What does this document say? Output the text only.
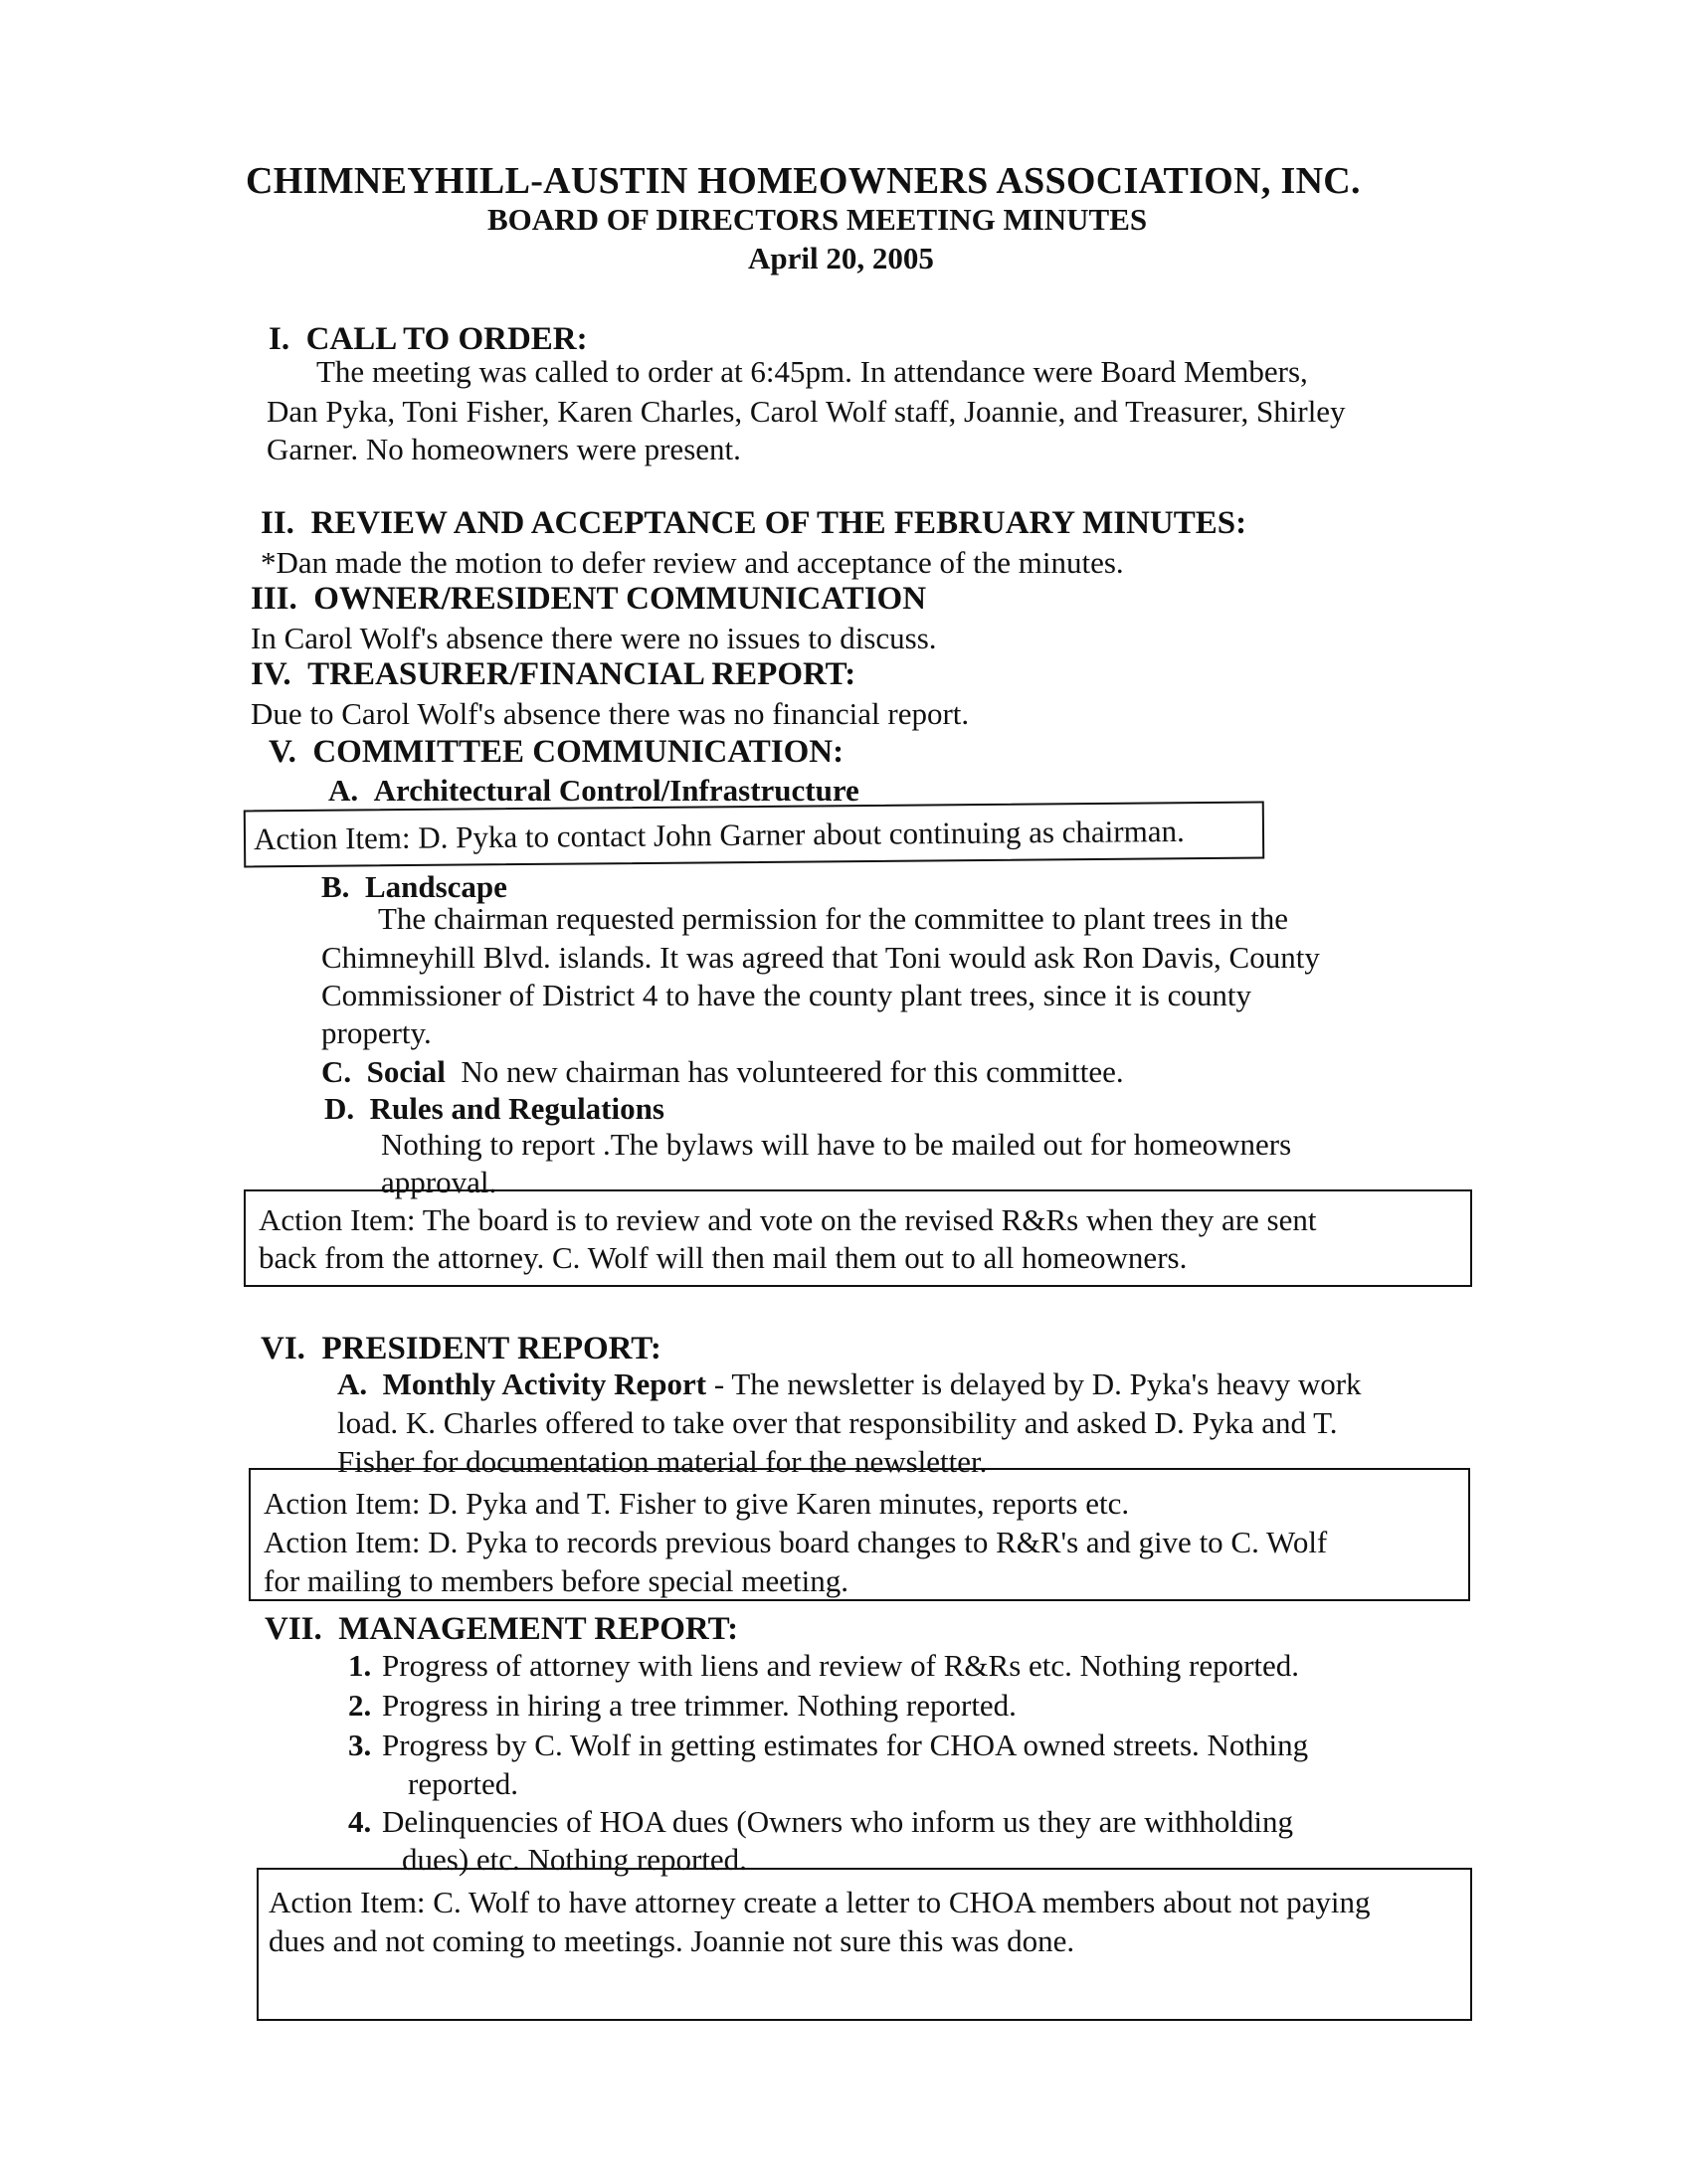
CHIMNEYHILL-AUSTIN HOMEOWNERS ASSOCIATION, INC.
BOARD OF DIRECTORS MEETING MINUTES
April 20, 2005
I. CALL TO ORDER:
The meeting was called to order at 6:45pm. In attendance were Board Members,
Dan Pyka, Toni Fisher, Karen Charles, Carol Wolf staff, Joannie, and Treasurer, Shirley
Garner. No homeowners were present.
II. REVIEW AND ACCEPTANCE OF THE FEBRUARY MINUTES:
*Dan made the motion to defer review and acceptance of the minutes.
III. OWNER/RESIDENT COMMUNICATION
In Carol Wolf's absence there were no issues to discuss.
IV. TREASURER/FINANCIAL REPORT:
Due to Carol Wolf's absence there was no financial report.
V. COMMITTEE COMMUNICATION:
A. Architectural Control/Infrastructure
Action Item: D. Pyka to contact John Garner about continuing as chairman.
B. Landscape
The chairman requested permission for the committee to plant trees in the
Chimneyhill Blvd. islands. It was agreed that Toni would ask Ron Davis, County
Commissioner of District 4 to have the county plant trees, since it is county
property.
C. Social No new chairman has volunteered for this committee.
D. Rules and Regulations
Nothing to report .The bylaws will have to be mailed out for homeowners
approval.
Action Item: The board is to review and vote on the revised R&Rs when they are sent
back from the attorney. C. Wolf will then mail them out to all homeowners.
VI. PRESIDENT REPORT:
A. Monthly Activity Report - The newsletter is delayed by D. Pyka's heavy work
load. K. Charles offered to take over that responsibility and asked D. Pyka and T.
Fisher for documentation material for the newsletter.
Action Item: D. Pyka and T. Fisher to give Karen minutes, reports etc.
Action Item: D. Pyka to records previous board changes to R&R's and give to C. Wolf
for mailing to members before special meeting.
VII. MANAGEMENT REPORT:
1. Progress of attorney with liens and review of R&Rs etc. Nothing reported.
2. Progress in hiring a tree trimmer. Nothing reported.
3. Progress by C. Wolf in getting estimates for CHOA owned streets. Nothing
reported.
4. Delinquencies of HOA dues (Owners who inform us they are withholding
dues) etc. Nothing reported.
Action Item: C. Wolf to have attorney create a letter to CHOA members about not paying
dues and not coming to meetings. Joannie not sure this was done.
